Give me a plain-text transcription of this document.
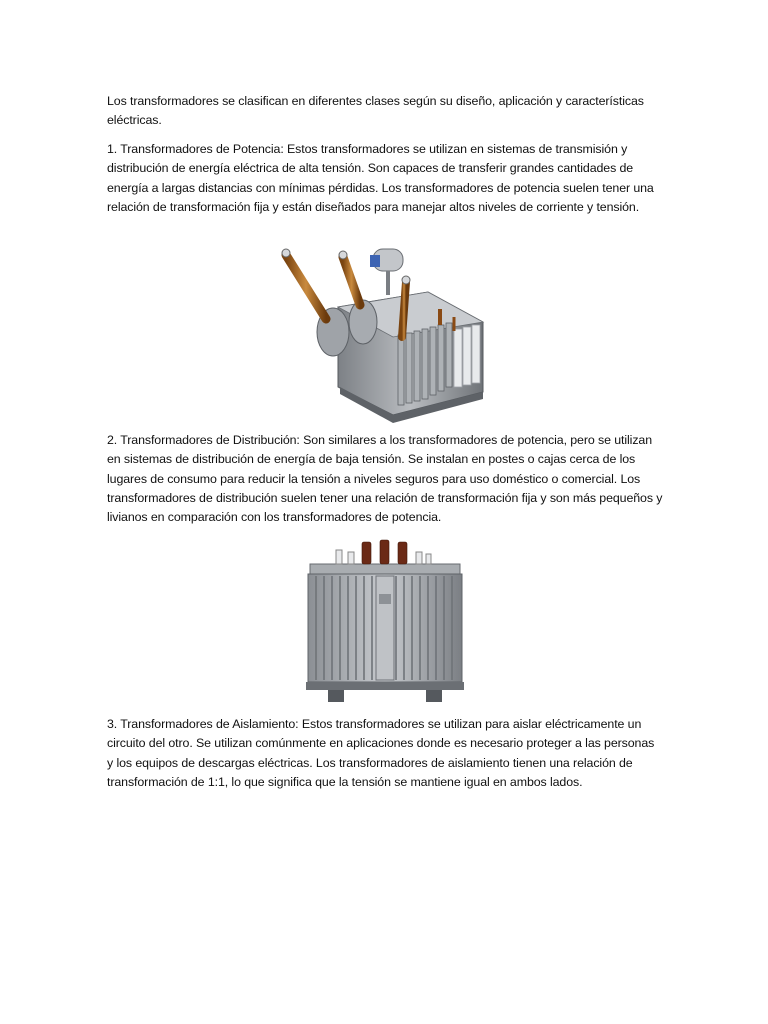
Los transformadores se clasifican en diferentes clases según su diseño, aplicación y características eléctricas.

1. Transformadores de Potencia: Estos transformadores se utilizan en sistemas de transmisión y distribución de energía eléctrica de alta tensión. Son capaces de transferir grandes cantidades de energía a largas distancias con mínimas pérdidas. Los transformadores de potencia suelen tener una relación de transformación fija y están diseñados para manejar altos niveles de corriente y tensión.

2. Transformadores de Distribución: Son similares a los transformadores de potencia, pero se utilizan en sistemas de distribución de energía de baja tensión. Se instalan en postes o cajas cerca de los lugares de consumo para reducir la tensión a niveles seguros para uso doméstico o comercial. Los transformadores de distribución suelen tener una relación de transformación fija y son más pequeños y livianos en comparación con los transformadores de potencia.

3. Transformadores de Aislamiento: Estos transformadores se utilizan para aislar eléctricamente un circuito del otro. Se utilizan comúnmente en aplicaciones donde es necesario proteger a las personas y los equipos de descargas eléctricas. Los transformadores de aislamiento tienen una relación de transformación de 1:1, lo que significa que la tensión se mantiene igual en ambos lados.
